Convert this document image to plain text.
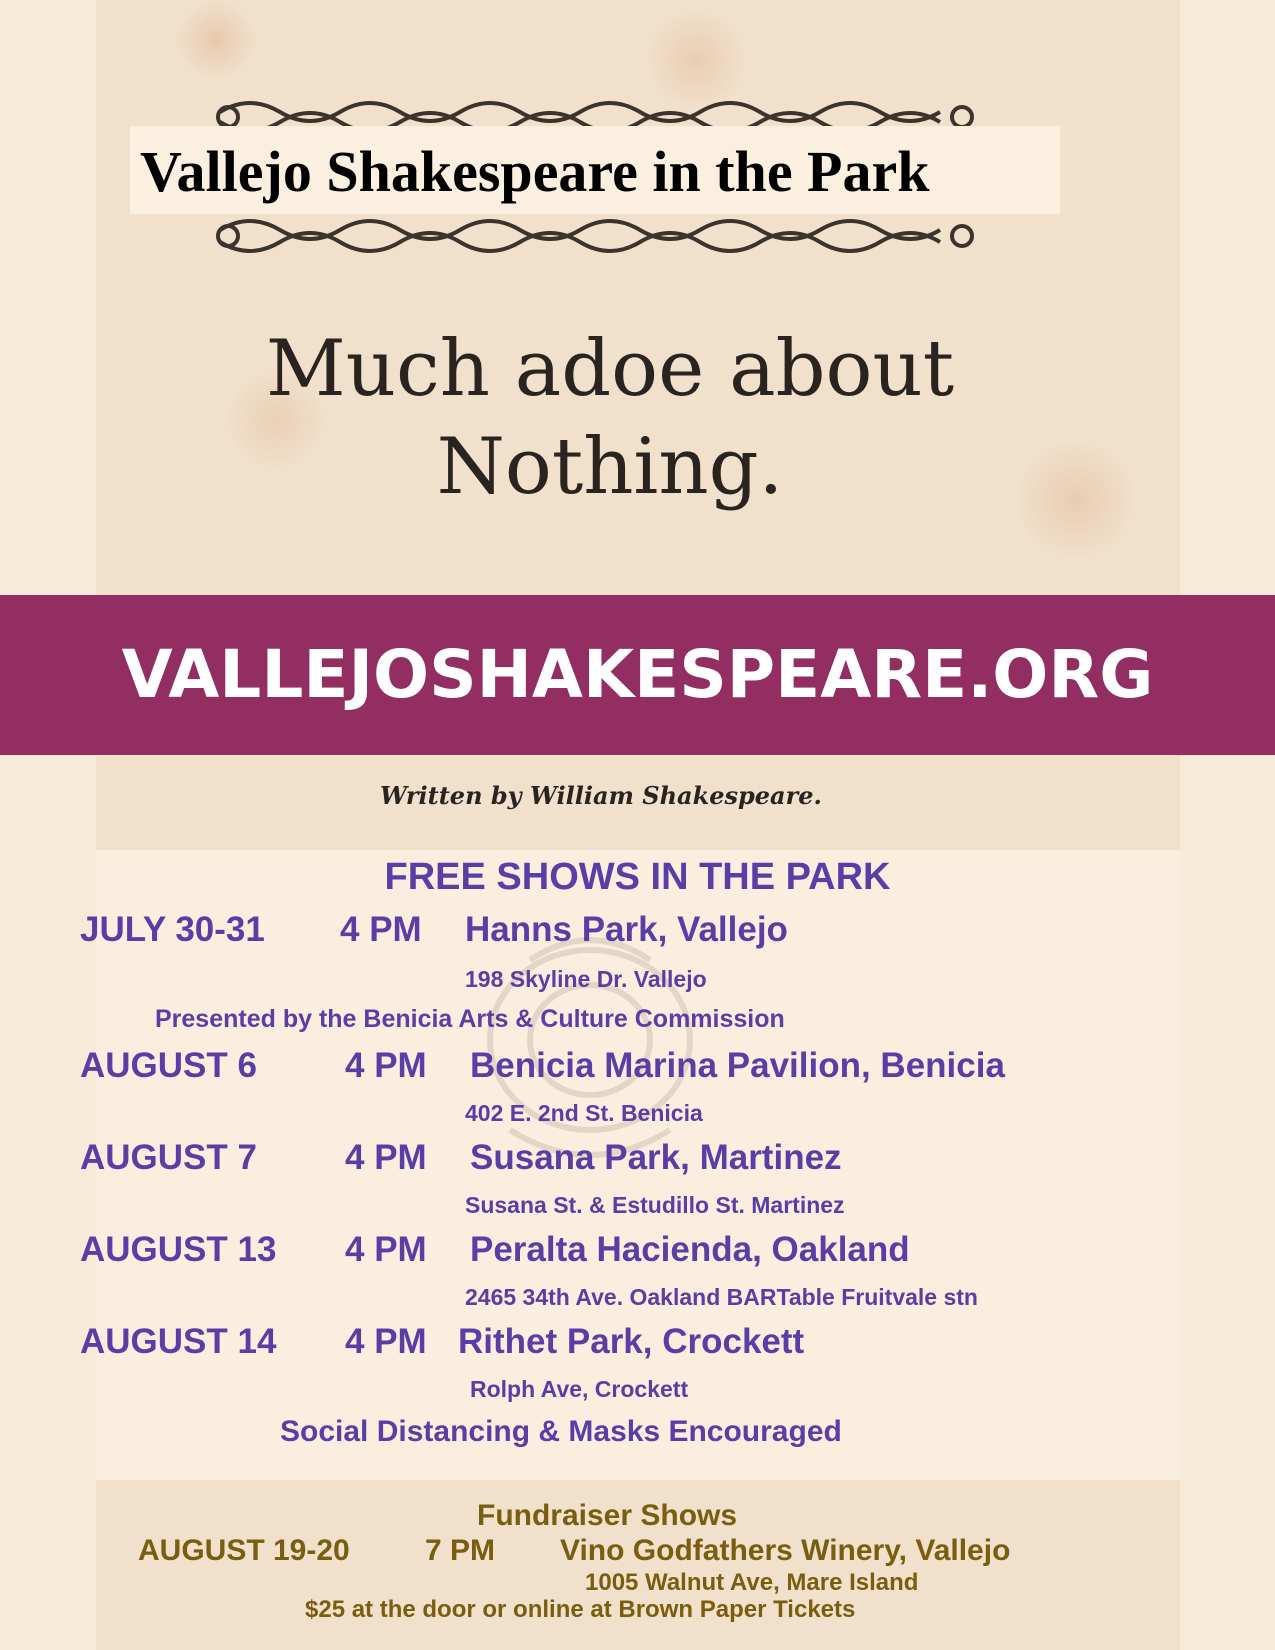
Vallejo Shakespeare in the Park
Much adoe about
Nothing.
VALLEJOSHAKESPEARE.ORG
Written by William Shakespeare.
FREE SHOWS IN THE PARK
JULY 30-31 4 PM Hanns Park, Vallejo
198 Skyline Dr. Vallejo
Presented by the Benicia Arts & Culture Commission
AUGUST 6	4 PM Benicia Marina Pavilion, Benicia
402 E. 2nd St. Benicia
AUGUST 7	4 PM Susana Park, Martinez
Susana St. & Estudillo St. Martinez
AUGUST 13 4 PM Peralta Hacienda, Oakland
2465 34th Ave. Oakland BARTable Fruitvale stn
AUGUST 14 4 PM Rithet Park, Crockett
Rolph Ave, Crockett
Social Distancing & Masks Encouraged
Fundraiser Shows
AUGUST 19-20	7 PM Vino Godfathers Winery, Vallejo
1005 Walnut Ave, Mare Island
$25 at the door or online at Brown Paper Tickets
